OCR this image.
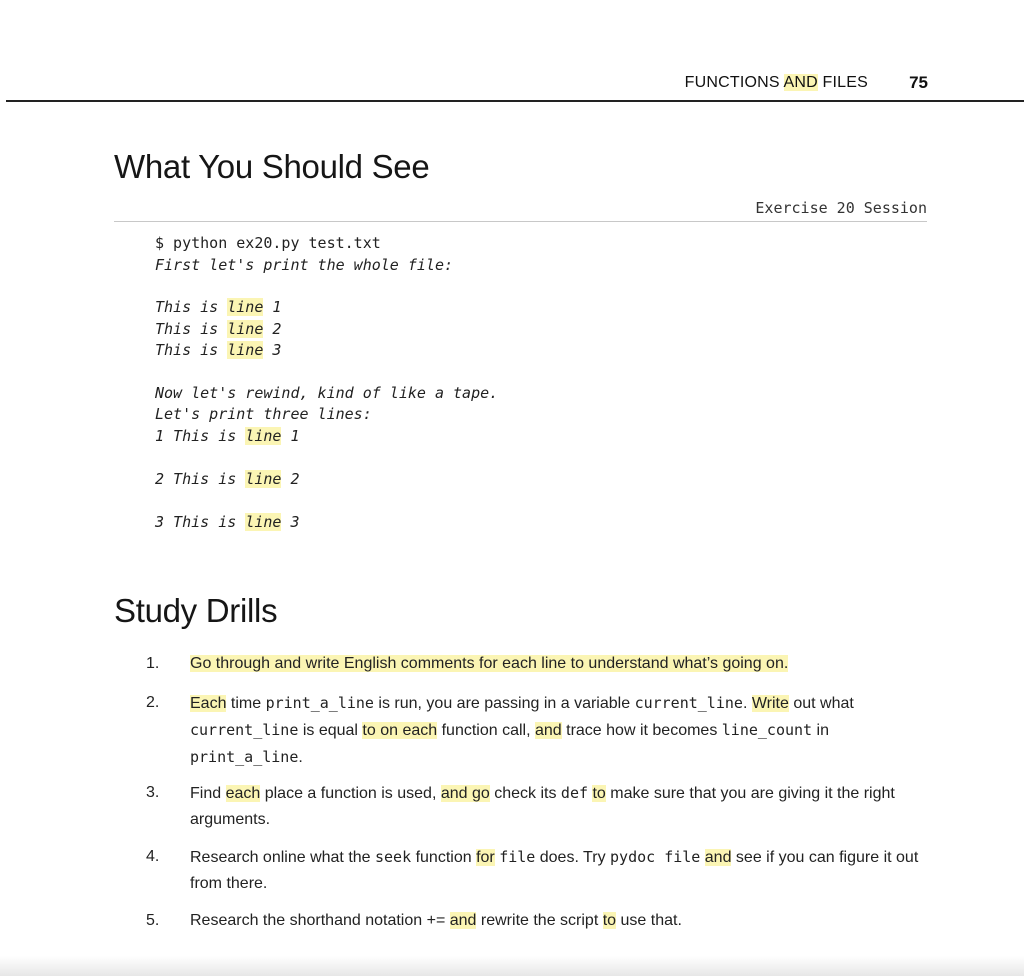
FUNCTIONS AND FILES 75
What You Should See
Exercise 20 Session
$ python ex20.py test.txt
First let's print the whole file:
This is line 1
This is line 2
This is line 3
Now let's rewind, kind of like a tape.
Let's print three lines:
1 This is line 1
2 This is line 2
3 This is line 3
Study Drills
1. Go through and write English comments for each line to understand what’s going on.
2. Each time print_a_line is run, you are passing in a variable current_line. Write out what current_line is equal to on each function call, and trace how it becomes line_count in print_a_line.
3. Find each place a function is used, and go check its def to make sure that you are giving it the right arguments.
4. Research online what the seek function for file does. Try pydoc file and see if you can figure it out from there.
5. Research the shorthand notation += and rewrite the script to use that.
